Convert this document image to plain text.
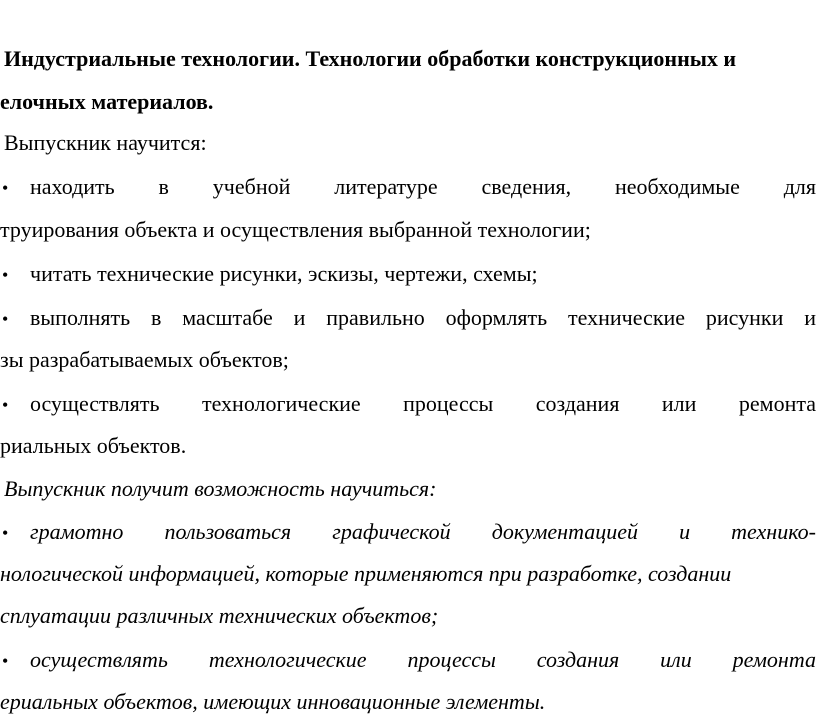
Индустриальные технологии. Технологии обработки конструкционных и
елочных материалов.
Выпускник научится:
• находить в учебной литературе сведения, необходимые для
труирования объекта и осуществления выбранной технологии;
• читать технические рисунки, эскизы, чертежи, схемы;
• выполнять в масштабе и правильно оформлять технические рисунки и
зы разрабатываемых объектов;
• осуществлять технологические процессы создания или ремонта
риальных объектов.
Выпускник получит возможность научиться:
• грамотно пользоваться графической документацией и технико-
нологической информацией, которые применяются при разработке, создании
сплуатации различных технических объектов;
• осуществлять технологические процессы создания или ремонта
ериальных объектов, имеющих инновационные элементы.
